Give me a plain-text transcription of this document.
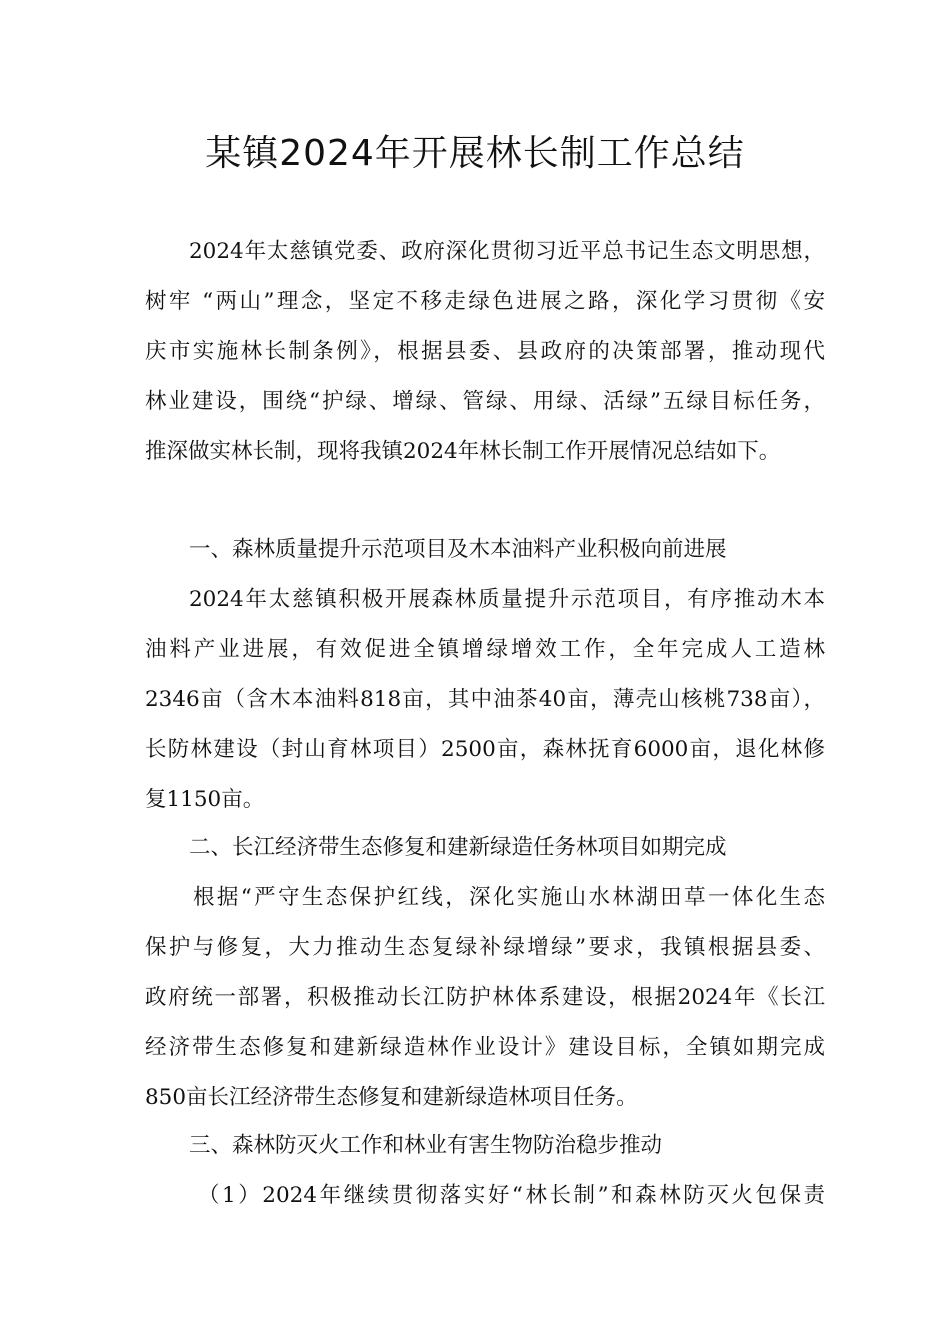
某镇2024年开展林长制工作总结
2024年太慈镇党委、政府深化贯彻习近平总书记生态文明思想，
树牢 “两山”理念，坚定不移走绿色进展之路，深化学习贯彻《安
庆市实施林长制条例》，根据县委、县政府的决策部署，推动现代
林业建设，围绕“护绿、增绿、管绿、用绿、活绿”五绿目标任务，
推深做实林长制，现将我镇2024年林长制工作开展情况总结如下。
一、森林质量提升示范项目及木本油料产业积极向前进展
2024年太慈镇积极开展森林质量提升示范项目，有序推动木本
油料产业进展，有效促进全镇增绿增效工作，全年完成人工造林
2346亩（含木本油料818亩，其中油茶40亩，薄壳山核桃738亩），
长防林建设（封山育林项目）2500亩，森林抚育6000亩，退化林修
复1150亩。
二、长江经济带生态修复和建新绿造任务林项目如期完成
根据“严守生态保护红线，深化实施山水林湖田草一体化生态
保护与修复，大力推动生态复绿补绿增绿”要求，我镇根据县委、
政府统一部署，积极推动长江防护林体系建设，根据2024年《长江
经济带生态修复和建新绿造林作业设计》建设目标，全镇如期完成
850亩长江经济带生态修复和建新绿造林项目任务。
三、森林防灭火工作和林业有害生物防治稳步推动
（1）2024年继续贯彻落实好“林长制”和森林防灭火包保责
